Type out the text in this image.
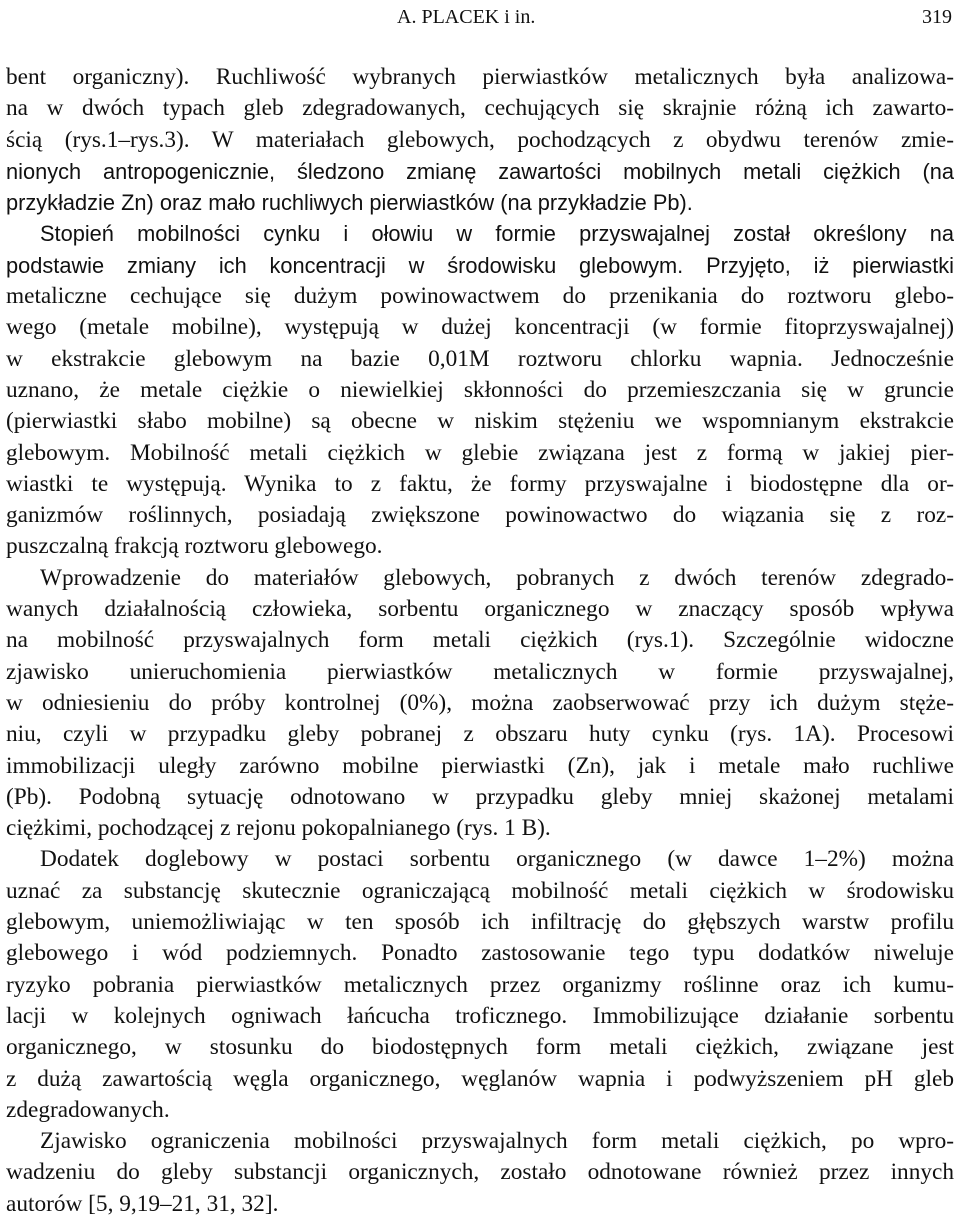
A. PLACEK i in.	319

bent organiczny). Ruchliwość wybranych pierwiastków metalicznych była analizowa-
na w dwóch typach gleb zdegradowanych, cechujących się skrajnie różną ich zawarto-
ścią (rys.1–rys.3). W materiałach glebowych, pochodzących z obydwu terenów zmie-
nionych antropogenicznie, śledzono zmianę zawartości mobilnych metali ciężkich (na
przykładzie Zn) oraz mało ruchliwych pierwiastków (na przykładzie Pb).

Stopień mobilności cynku i ołowiu w formie przyswajalnej został określony na
podstawie zmiany ich koncentracji w środowisku glebowym. Przyjęto, iż pierwiastki
metaliczne cechujące się dużym powinowactwem do przenikania do roztworu glebo-
wego (metale mobilne), występują w dużej koncentracji (w formie fitoprzyswajalnej)
w ekstrakcie glebowym na bazie 0,01M roztworu chlorku wapnia. Jednocześnie
uznano, że metale ciężkie o niewielkiej skłonności do przemieszczania się w gruncie
(pierwiastki słabo mobilne) są obecne w niskim stężeniu we wspomnianym ekstrakcie
glebowym. Mobilność metali ciężkich w glebie związana jest z formą w jakiej pier-
wiastki te występują. Wynika to z faktu, że formy przyswajalne i biodostępne dla or-
ganizmów roślinnych, posiadają zwiększone powinowactwo do wiązania się z roz-
puszczalną frakcją roztworu glebowego.

Wprowadzenie do materiałów glebowych, pobranych z dwóch terenów zdegrado-
wanych działalnością człowieka, sorbentu organicznego w znaczący sposób wpływa
na mobilność przyswajalnych form metali ciężkich (rys.1). Szczególnie widoczne
zjawisko unieruchomienia pierwiastków metalicznych w formie przyswajalnej,
w odniesieniu do próby kontrolnej (0%), można zaobserwować przy ich dużym stęże-
niu, czyli w przypadku gleby pobranej z obszaru huty cynku (rys. 1A). Procesowi
immobilizacji uległy zarówno mobilne pierwiastki (Zn), jak i metale mało ruchliwe
(Pb). Podobną sytuację odnotowano w przypadku gleby mniej skażonej metalami
ciężkimi, pochodzącej z rejonu pokopalnianego (rys. 1 B).

Dodatek doglebowy w postaci sorbentu organicznego (w dawce 1–2%) można
uznać za substancję skutecznie ograniczającą mobilność metali ciężkich w środowisku
glebowym, uniemożliwiając w ten sposób ich infiltrację do głębszych warstw profilu
glebowego i wód podziemnych. Ponadto zastosowanie tego typu dodatków niweluje
ryzyko pobrania pierwiastków metalicznych przez organizmy roślinne oraz ich kumu-
lacji w kolejnych ogniwach łańcucha troficznego. Immobilizujące działanie sorbentu
organicznego, w stosunku do biodostępnych form metali ciężkich, związane jest
z dużą zawartością węgla organicznego, węglanów wapnia i podwyższeniem pH gleb
zdegradowanych.

Zjawisko ograniczenia mobilności przyswajalnych form metali ciężkich, po wpro-
wadzeniu do gleby substancji organicznych, zostało odnotowane również przez innych
autorów [5, 9,19–21, 31, 32].
